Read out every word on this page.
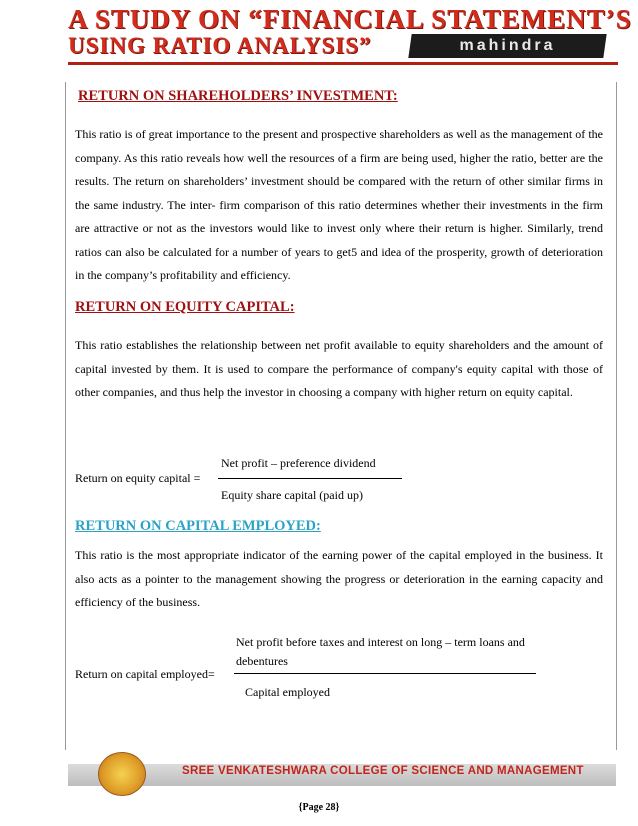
A STUDY ON “FINANCIAL STATEMENT’S
USING RATIO ANALYSIS”	mahindra
RETURN ON SHAREHOLDERS’ INVESTMENT:

This ratio is of great importance to the present and prospective shareholders as well as the management of the company. As this ratio reveals how well the resources of a firm are being used, higher the ratio, better are the results. The return on shareholders’ investment should be compared with the return of other similar firms in the same industry. The inter- firm comparison of this ratio determines whether their investments in the firm are attractive or not as the investors would like to invest only where their return is higher. Similarly, trend ratios can also be calculated for a number of years to get5 and idea of the prosperity, growth of deterioration in the company’s profitability and efficiency.

RETURN ON EQUITY CAPITAL:

This ratio establishes the relationship between net profit available to equity shareholders and the amount of capital invested by them. It is used to compare the performance of company's equity capital with those of other companies, and thus help the investor in choosing a company with higher return on equity capital.

Net profit – preference dividend
Return on equity capital =
Equity share capital (paid up)
RETURN ON CAPITAL EMPLOYED:

This ratio is the most appropriate indicator of the earning power of the capital employed in the business. It also acts as a pointer to the management showing the progress or deterioration in the earning capacity and efficiency of the business.

Net profit before taxes and interest on long – term loans and
debentures
Return on capital employed=
Capital employed
SREE VENKATESHWARA COLLEGE OF SCIENCE AND MANAGEMENT
{Page 28}
